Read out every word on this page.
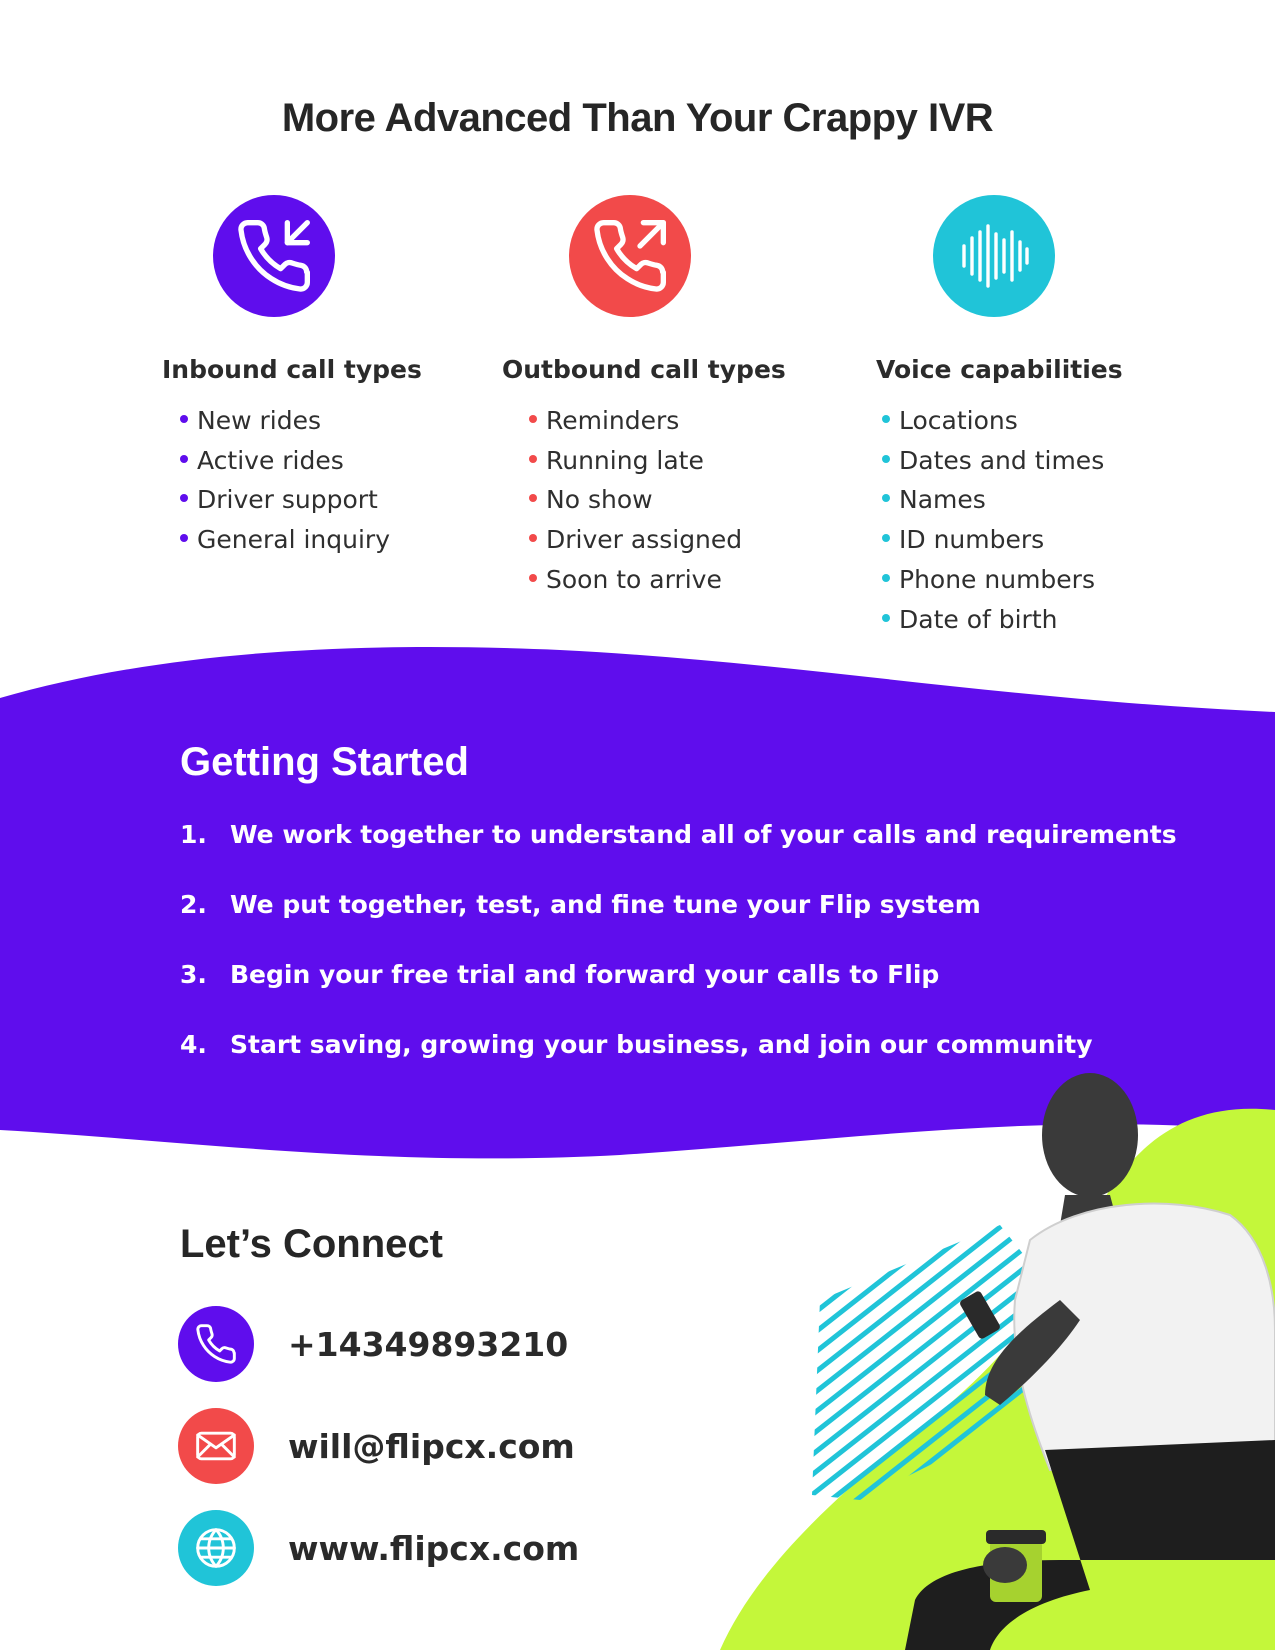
More Advanced Than Your Crappy IVR
Inbound call types
New rides
Active rides
Driver support
General inquiry
Outbound call types
Reminders
Running late
No show
Driver assigned
Soon to arrive
Voice capabilities
Locations
Dates and times
Names
ID numbers
Phone numbers
Date of birth
Getting Started
1. We work together to understand all of your calls and requirements
2. We put together, test, and fine tune your Flip system
3. Begin your free trial and forward your calls to Flip
4. Start saving, growing your business, and join our community
Let’s Connect
+14349893210
will@flipcx.com
www.flipcx.com
